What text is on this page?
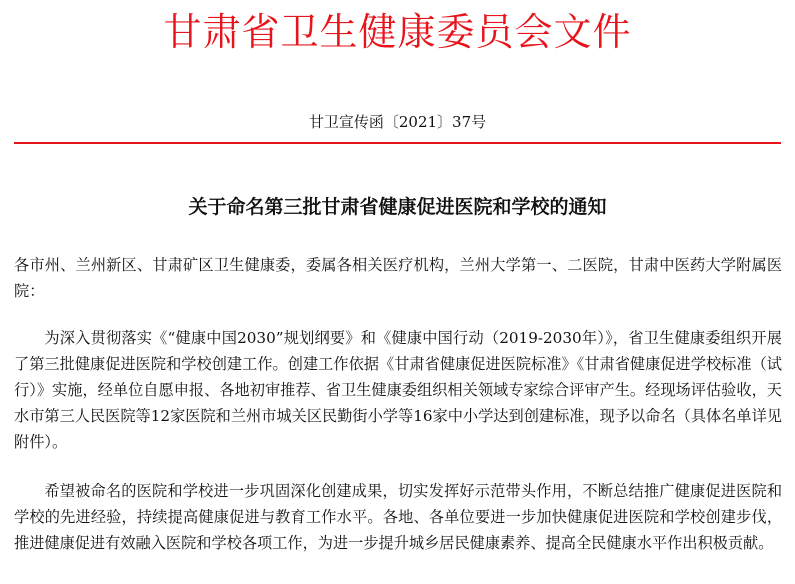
甘肃省卫生健康委员会文件
甘卫宣传函〔2021〕37号
关于命名第三批甘肃省健康促进医院和学校的通知

各市州、兰州新区、甘肃矿区卫生健康委，委属各相关医疗机构，兰州大学第一、二医院，甘肃中医药大学附属医院：

为深入贯彻落实《“健康中国2030”规划纲要》和《健康中国行动（2019-2030年）》，省卫生健康委组织开展了第三批健康促进医院和学校创建工作。创建工作依据《甘肃省健康促进医院标准》《甘肃省健康促进学校标准（试行）》实施，经单位自愿申报、各地初审推荐、省卫生健康委组织相关领域专家综合评审产生。经现场评估验收，天水市第三人民医院等12家医院和兰州市城关区民勤街小学等16家中小学达到创建标准，现予以命名（具体名单详见附件）。

希望被命名的医院和学校进一步巩固深化创建成果，切实发挥好示范带头作用，不断总结推广健康促进医院和学校的先进经验，持续提高健康促进与教育工作水平。各地、各单位要进一步加快健康促进医院和学校创建步伐，推进健康促进有效融入医院和学校各项工作，为进一步提升城乡居民健康素养、提高全民健康水平作出积极贡献。
